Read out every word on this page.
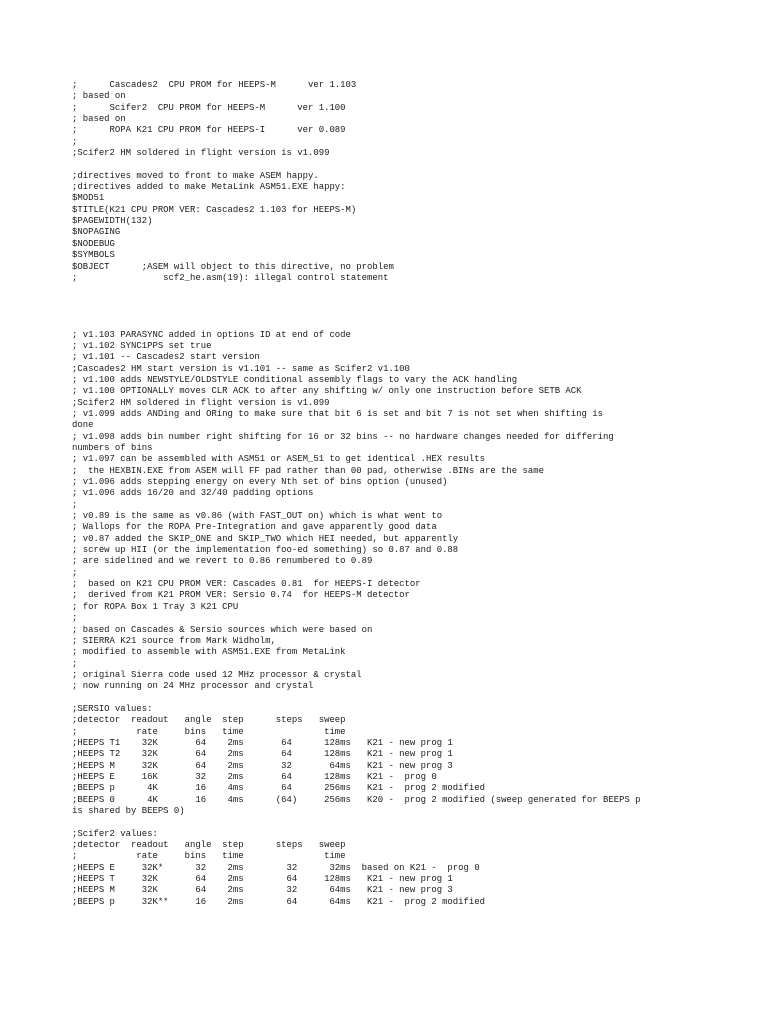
;      Cascades2  CPU PROM for HEEPS-M      ver 1.103
; based on
;      Scifer2  CPU PROM for HEEPS-M      ver 1.100
; based on
;      ROPA K21 CPU PROM for HEEPS-I      ver 0.089
;
;Scifer2 HM soldered in flight version is v1.099
;directives moved to front to make ASEM happy.
;directives added to make MetaLink ASM51.EXE happy:
$MOD51
$TITLE(K21 CPU PROM VER: Cascades2 1.103 for HEEPS-M)
$PAGEWIDTH(132)
$NOPAGING
$NODEBUG
$SYMBOLS
$OBJECT      ;ASEM will object to this directive, no problem
;                scf2_he.asm(19): illegal control statement
; v1.103 PARASYNC added in options ID at end of code
; v1.102 SYNC1PPS set true
; v1.101 -- Cascades2 start version
;Cascades2 HM start version is v1.101 -- same as Scifer2 v1.100
; v1.100 adds NEWSTYLE/OLDSTYLE conditional assembly flags to vary the ACK handling
; v1.100 OPTIONALLY moves CLR ACK to after any shifting w/ only one instruction before SETB ACK
;Scifer2 HM soldered in flight version is v1.099
; v1.099 adds ANDing and ORing to make sure that bit 6 is set and bit 7 is not set when shifting is
done
; v1.098 adds bin number right shifting for 16 or 32 bins -- no hardware changes needed for differing
numbers of bins
; v1.097 can be assembled with ASM51 or ASEM_51 to get identical .HEX results
;  the HEXBIN.EXE from ASEM will FF pad rather than 00 pad, otherwise .BINs are the same
; v1.096 adds stepping energy on every Nth set of bins option (unused)
; v1.096 adds 16/20 and 32/40 padding options
;
; v0.89 is the same as v0.86 (with FAST_OUT on) which is what went to
; Wallops for the ROPA Pre-Integration and gave apparently good data
; v0.87 added the SKIP_ONE and SKIP_TWO which HEI needed, but apparently
; screw up HII (or the implementation foo-ed something) so 0.87 and 0.88
; are sidelined and we revert to 0.86 renumbered to 0.89
;
;  based on K21 CPU PROM VER: Cascades 0.81  for HEEPS-I detector
;  derived from K21 PROM VER: Sersio 0.74  for HEEPS-M detector
; for ROPA Box 1 Tray 3 K21 CPU
;
; based on Cascades & Sersio sources which were based on
; SIERRA K21 source from Mark Widholm,
; modified to assemble with ASM51.EXE from MetaLink
;
; original Sierra code used 12 MHz processor & crystal
; now running on 24 MHz processor and crystal
;SERSIO values:
;detector  readout   angle  step      steps   sweep
;           rate     bins   time               time
;HEEPS T1    32K       64    2ms       64      128ms   K21 - new prog 1
;HEEPS T2    32K       64    2ms       64      128ms   K21 - new prog 1
;HEEPS M     32K       64    2ms       32       64ms   K21 - new prog 3
;HEEPS E     16K       32    2ms       64      128ms   K21 -  prog 0
;BEEPS p      4K       16    4ms       64      256ms   K21 -  prog 2 modified
;BEEPS 0      4K       16    4ms      (64)     256ms   K20 -  prog 2 modified (sweep generated for BEEPS p
is shared by BEEPS 0)
;Scifer2 values:
;detector  readout   angle  step      steps   sweep
;           rate     bins   time               time
;HEEPS E     32K*      32    2ms        32      32ms  based on K21 -  prog 0
;HEEPS T     32K       64    2ms        64     128ms   K21 - new prog 1
;HEEPS M     32K       64    2ms        32      64ms   K21 - new prog 3
;BEEPS p     32K**     16    2ms        64      64ms   K21 -  prog 2 modified
